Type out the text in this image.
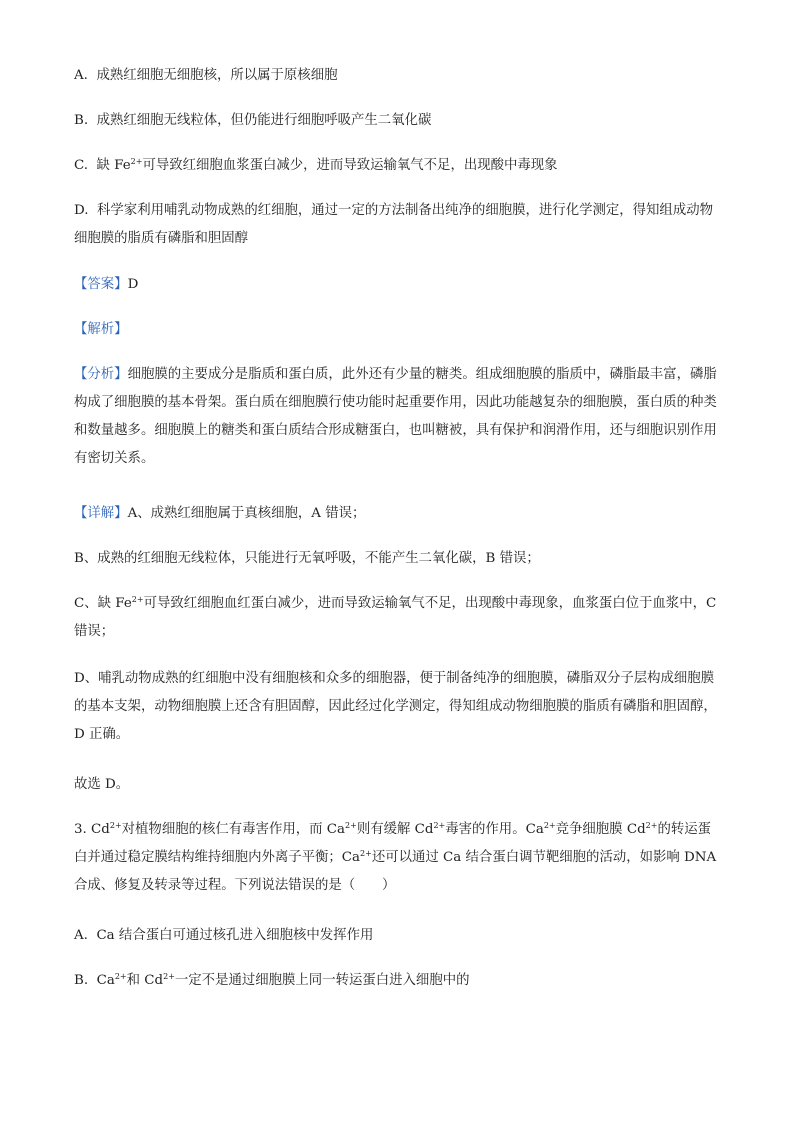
A.  成熟红细胞无细胞核，所以属于原核细胞

B.  成熟红细胞无线粒体，但仍能进行细胞呼吸产生二氧化碳

C.  缺 $Fe^{2+}$可导致红细胞血浆蛋白减少，进而导致运输氧气不足，出现酸中毒现象

D.  科学家利用哺乳动物成熟的红细胞，通过一定的方法制备出纯净的细胞膜，进行化学测定，得知组成动物细胞膜的脂质有磷脂和胆固醇

【答案】D

【解析】

【分析】细胞膜的主要成分是脂质和蛋白质，此外还有少量的糖类。组成细胞膜的脂质中，磷脂最丰富，磷脂构成了细胞膜的基本骨架。蛋白质在细胞膜行使功能时起重要作用，因此功能越复杂的细胞膜，蛋白质的种类和数量越多。细胞膜上的糖类和蛋白质结合形成糖蛋白，也叫糖被，具有保护和润滑作用，还与细胞识别作用有密切关系。

【详解】A、成熟红细胞属于真核细胞，A 错误；

B、成熟的红细胞无线粒体，只能进行无氧呼吸，不能产生二氧化碳，B 错误；

C、缺 $Fe^{2+}$可导致红细胞血红蛋白减少，进而导致运输氧气不足，出现酸中毒现象，血浆蛋白位于血浆中，C 错误；

D、哺乳动物成熟的红细胞中没有细胞核和众多的细胞器，便于制备纯净的细胞膜，磷脂双分子层构成细胞膜的基本支架，动物细胞膜上还含有胆固醇，因此经过化学测定，得知组成动物细胞膜的脂质有磷脂和胆固醇，D 正确。

故选 D。

3. $Cd^{2+}$对植物细胞的核仁有毒害作用，而 $Ca^{2+}$则有缓解 $Cd^{2+}$毒害的作用。$Ca^{2+}$竞争细胞膜 $Cd^{2+}$的转运蛋白并通过稳定膜结构维持细胞内外离子平衡；$Ca^{2+}$还可以通过 Ca 结合蛋白调节靶细胞的活动，如影响 DNA 合成、修复及转录等过程。下列说法错误的是（　　）

A.  Ca 结合蛋白可通过核孔进入细胞核中发挥作用

B.  $Ca^{2+}$和 $Cd^{2+}$一定不是通过细胞膜上同一转运蛋白进入细胞中的
